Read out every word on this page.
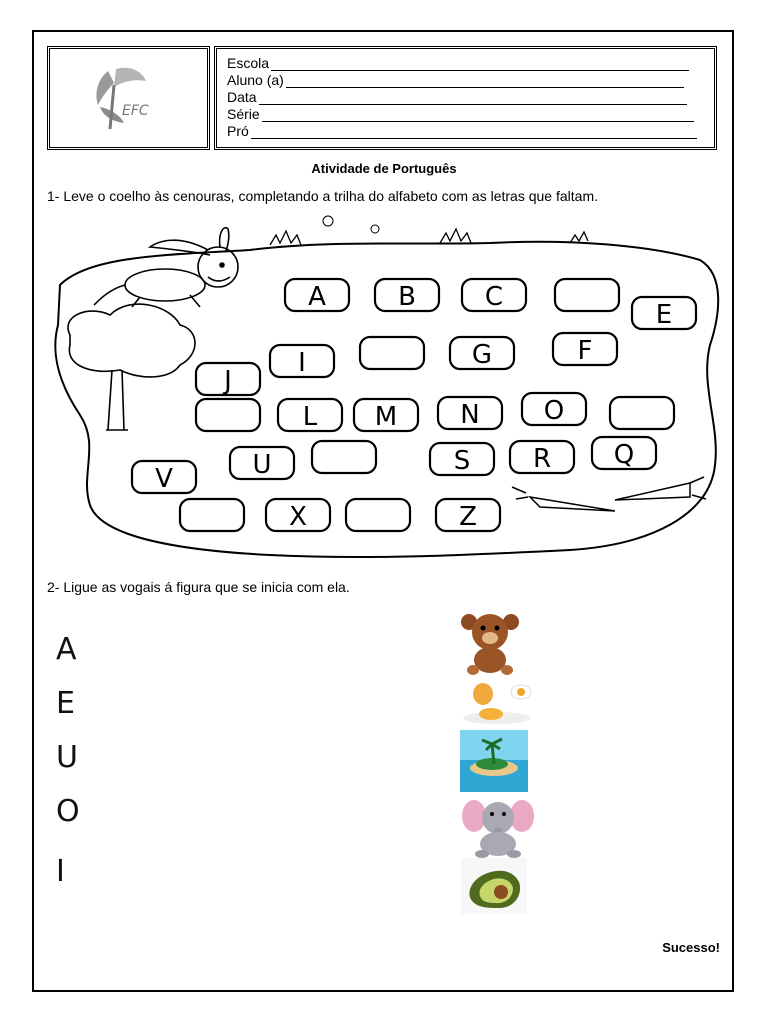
EFC
Escola
Aluno (a)
Data
Série
Pró
Atividade de Português
1- Leve o coelho às cenouras, completando a trilha do alfabeto com as letras que faltam.
A	B	C
E
F
G
I
J
L M N O
Q
R
S
U
V
X	Z
2- Ligue as vogais á figura que se inicia com ela.
A
E
U
O
I
Sucesso!
